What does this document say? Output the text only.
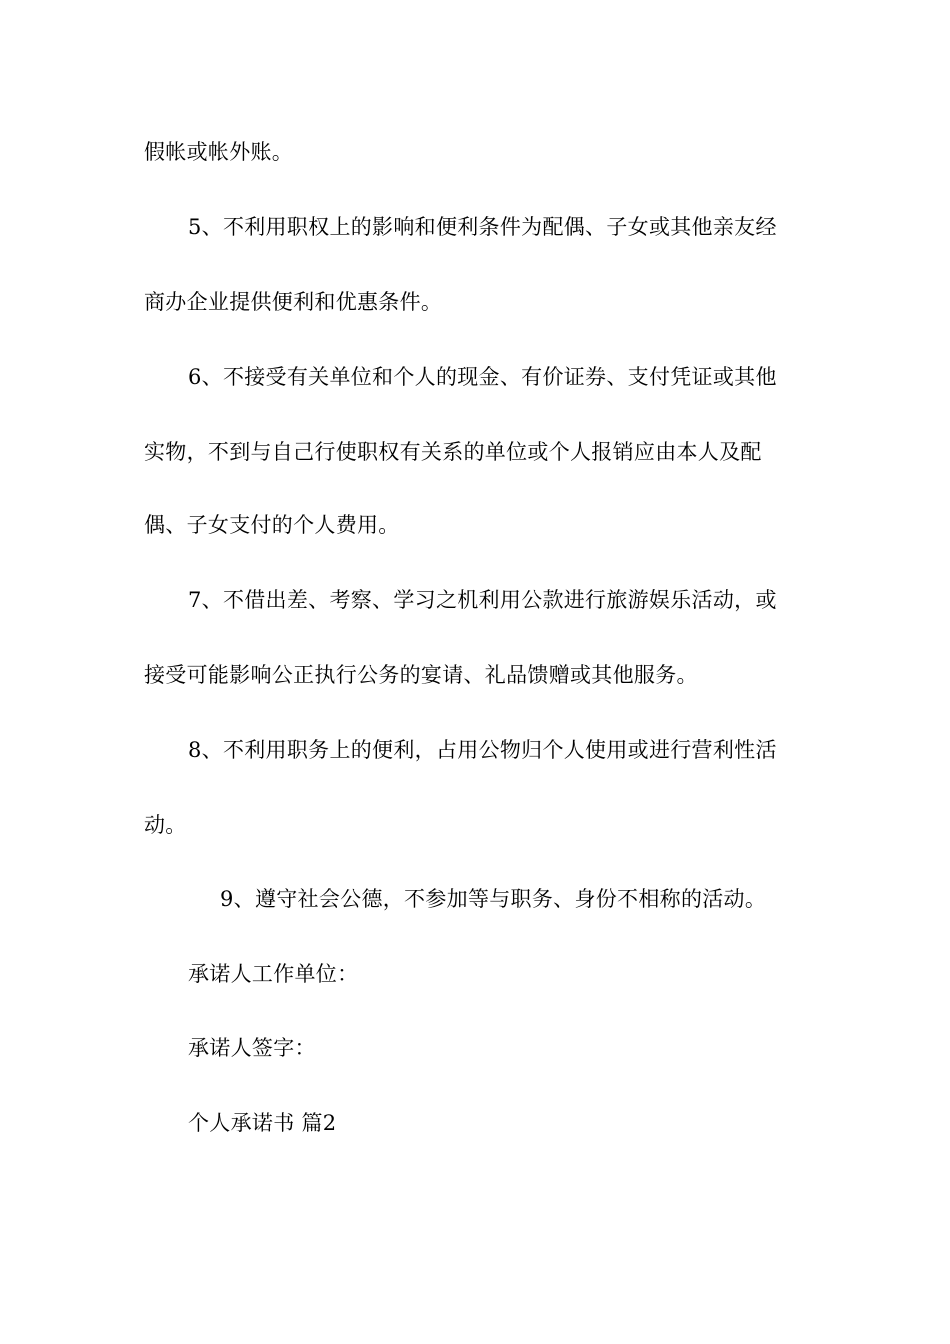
假帐或帐外账。
5、不利用职权上的影响和便利条件为配偶、子女或其他亲友经
商办企业提供便利和优惠条件。
6、不接受有关单位和个人的现金、有价证券、支付凭证或其他
实物，不到与自己行使职权有关系的单位或个人报销应由本人及配
偶、子女支付的个人费用。
7、不借出差、考察、学习之机利用公款进行旅游娱乐活动，或
接受可能影响公正执行公务的宴请、礼品馈赠或其他服务。
8、不利用职务上的便利，占用公物归个人使用或进行营利性活
动。
9、遵守社会公德，不参加等与职务、身份不相称的活动。
承诺人工作单位：
承诺人签字：
个人承诺书 篇2
